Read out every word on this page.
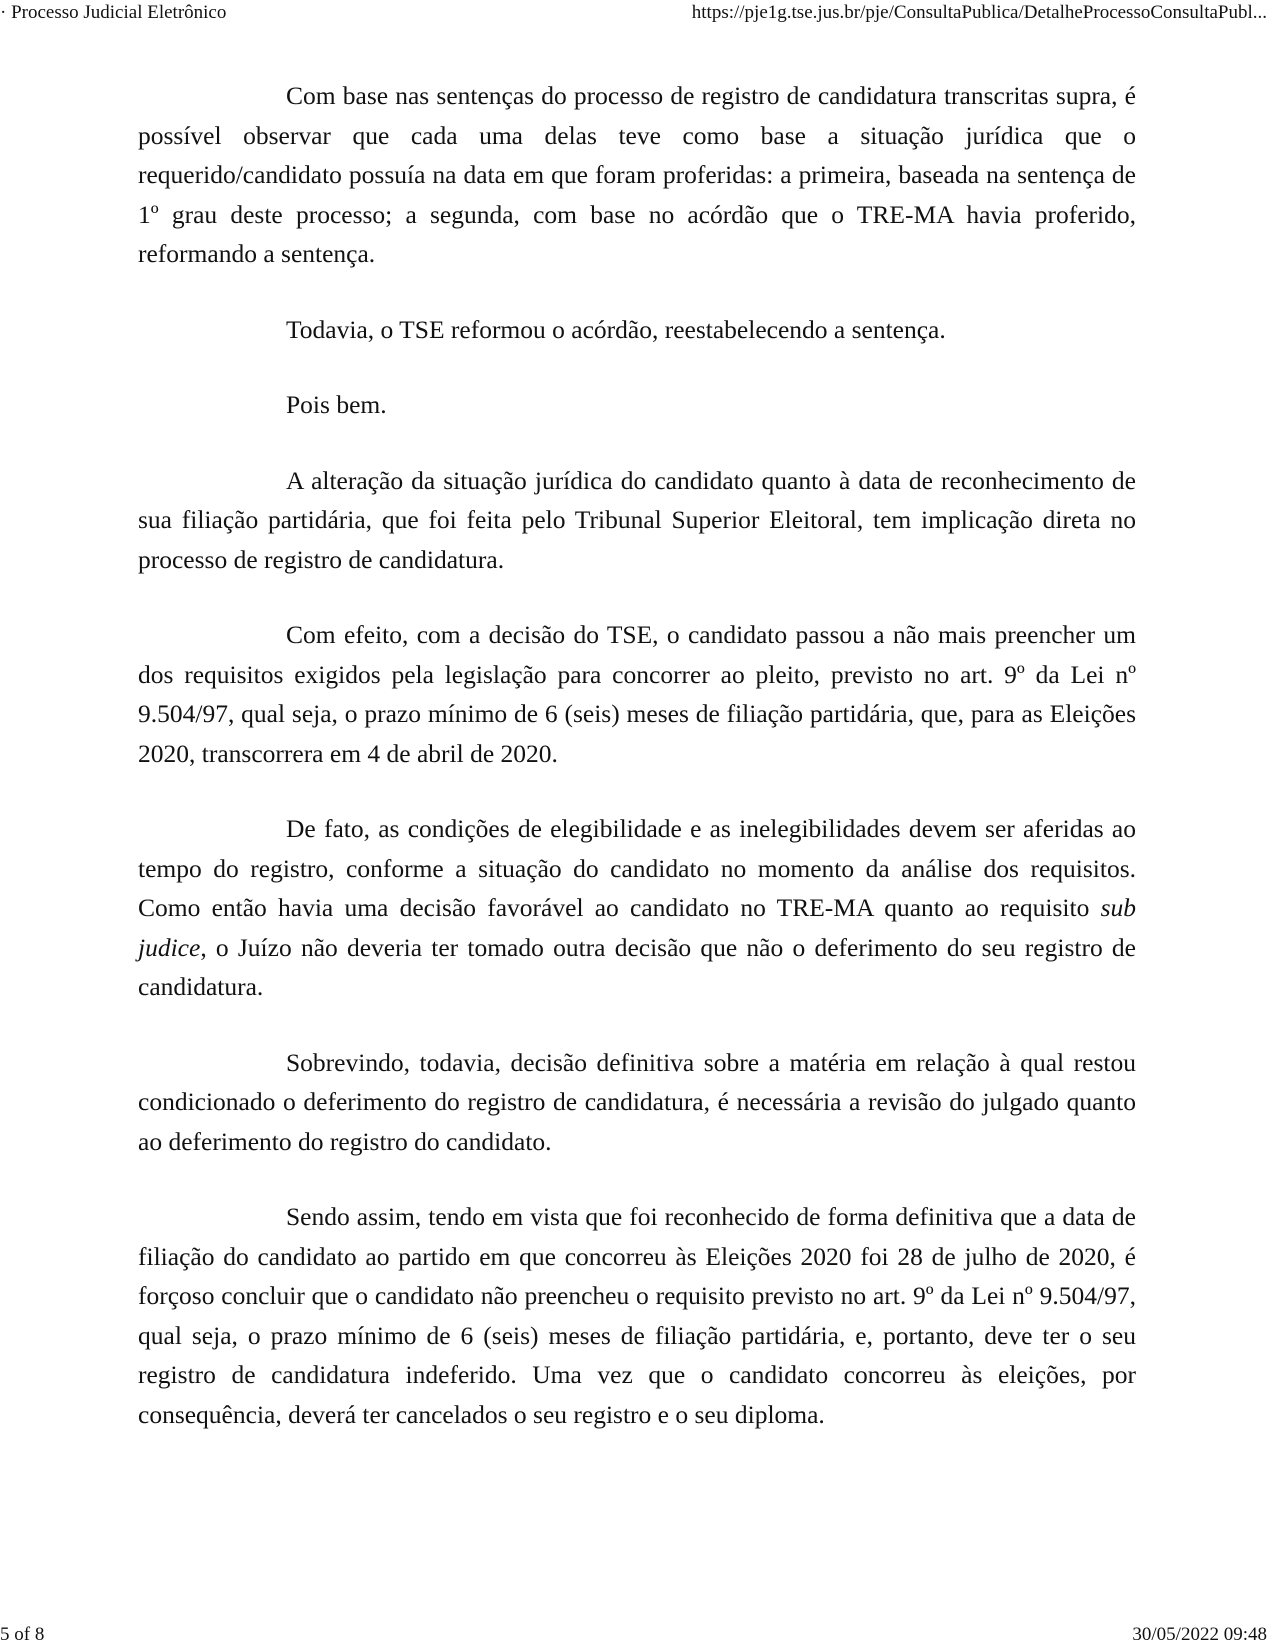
· Processo Judicial Eletrônico	https://pje1g.tse.jus.br/pje/ConsultaPublica/DetalheProcessoConsultaPubl...

Com base nas sentenças do processo de registro de candidatura transcritas supra, é possível observar que cada uma delas teve como base a situação jurídica que o requerido/candidato possuía na data em que foram proferidas: a primeira, baseada na sentença de 1º grau deste processo; a segunda, com base no acórdão que o TRE-MA havia proferido, reformando a sentença.

Todavia, o TSE reformou o acórdão, reestabelecendo a sentença.

Pois bem.

A alteração da situação jurídica do candidato quanto à data de reconhecimento de sua filiação partidária, que foi feita pelo Tribunal Superior Eleitoral, tem implicação direta no processo de registro de candidatura.

Com efeito, com a decisão do TSE, o candidato passou a não mais preencher um dos requisitos exigidos pela legislação para concorrer ao pleito, previsto no art. 9º da Lei nº 9.504/97, qual seja, o prazo mínimo de 6 (seis) meses de filiação partidária, que, para as Eleições 2020, transcorrera em 4 de abril de 2020.

De fato, as condições de elegibilidade e as inelegibilidades devem ser aferidas ao tempo do registro, conforme a situação do candidato no momento da análise dos requisitos. Como então havia uma decisão favorável ao candidato no TRE-MA quanto ao requisito sub judice, o Juízo não deveria ter tomado outra decisão que não o deferimento do seu registro de candidatura.

Sobrevindo, todavia, decisão definitiva sobre a matéria em relação à qual restou condicionado o deferimento do registro de candidatura, é necessária a revisão do julgado quanto ao deferimento do registro do candidato.

Sendo assim, tendo em vista que foi reconhecido de forma definitiva que a data de filiação do candidato ao partido em que concorreu às Eleições 2020 foi 28 de julho de 2020, é forçoso concluir que o candidato não preencheu o requisito previsto no art. 9º da Lei nº 9.504/97, qual seja, o prazo mínimo de 6 (seis) meses de filiação partidária, e, portanto, deve ter o seu registro de candidatura indeferido. Uma vez que o candidato concorreu às eleições, por consequência, deverá ter cancelados o seu registro e o seu diploma.

5 of 8	30/05/2022 09:48
